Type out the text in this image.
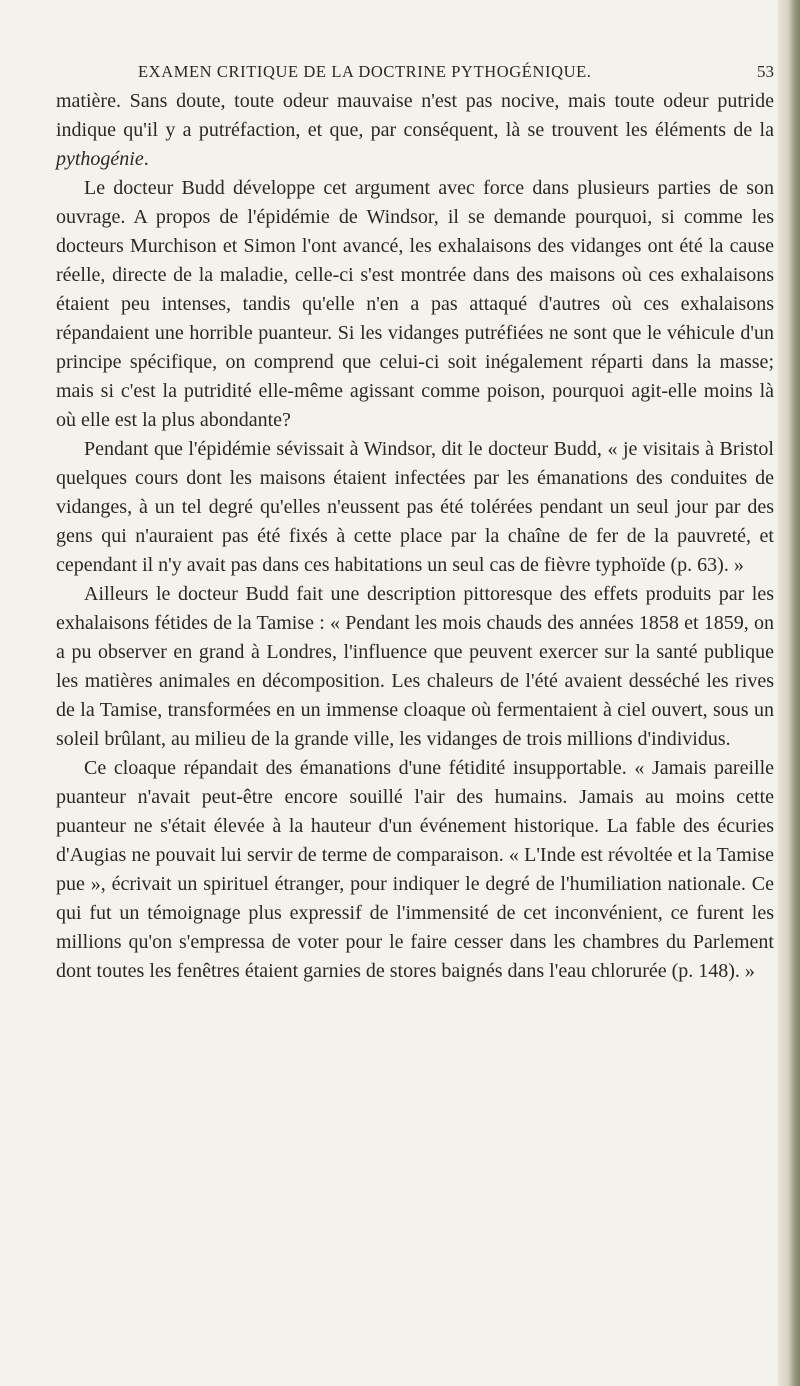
EXAMEN CRITIQUE DE LA DOCTRINE PYTHOGÉNIQUE.	53

matière. Sans doute, toute odeur mauvaise n'est pas nocive, mais toute odeur putride indique qu'il y a putréfaction, et que, par conséquent, là se trouvent les éléments de la pythogénie.

Le docteur Budd développe cet argument avec force dans plusieurs parties de son ouvrage. A propos de l'épidémie de Windsor, il se demande pourquoi, si comme les docteurs Murchison et Simon l'ont avancé, les exhalaisons des vidanges ont été la cause réelle, directe de la maladie, celle-ci s'est montrée dans des maisons où ces exhalaisons étaient peu intenses, tandis qu'elle n'en a pas attaqué d'autres où ces exhalaisons répandaient une horrible puanteur. Si les vidanges putréfiées ne sont que le véhicule d'un principe spécifique, on comprend que celui-ci soit inégalement réparti dans la masse; mais si c'est la putridité elle-même agissant comme poison, pourquoi agit-elle moins là où elle est la plus abondante?

Pendant que l'épidémie sévissait à Windsor, dit le docteur Budd, « je visitais à Bristol quelques cours dont les maisons étaient infectées par les émanations des conduites de vidanges, à un tel degré qu'elles n'eussent pas été tolérées pendant un seul jour par des gens qui n'auraient pas été fixés à cette place par la chaîne de fer de la pauvreté, et cependant il n'y avait pas dans ces habitations un seul cas de fièvre typhoïde (p. 63). »

Ailleurs le docteur Budd fait une description pittoresque des effets produits par les exhalaisons fétides de la Tamise : « Pendant les mois chauds des années 1858 et 1859, on a pu observer en grand à Londres, l'influence que peuvent exercer sur la santé publique les matières animales en décomposition. Les chaleurs de l'été avaient desséché les rives de la Tamise, transformées en un immense cloaque où fermentaient à ciel ouvert, sous un soleil brûlant, au milieu de la grande ville, les vidanges de trois millions d'individus.

Ce cloaque répandait des émanations d'une fétidité insupportable. « Jamais pareille puanteur n'avait peut-être encore souillé l'air des humains. Jamais au moins cette puanteur ne s'était élevée à la hauteur d'un événement historique. La fable des écuries d'Augias ne pouvait lui servir de terme de comparaison. « L'Inde est révoltée et la Tamise pue », écrivait un spirituel étranger, pour indiquer le degré de l'humiliation nationale. Ce qui fut un témoignage plus expressif de l'immensité de cet inconvénient, ce furent les millions qu'on s'empressa de voter pour le faire cesser dans les chambres du Parlement dont toutes les fenêtres étaient garnies de stores baignés dans l'eau chlorurée (p. 148). »
